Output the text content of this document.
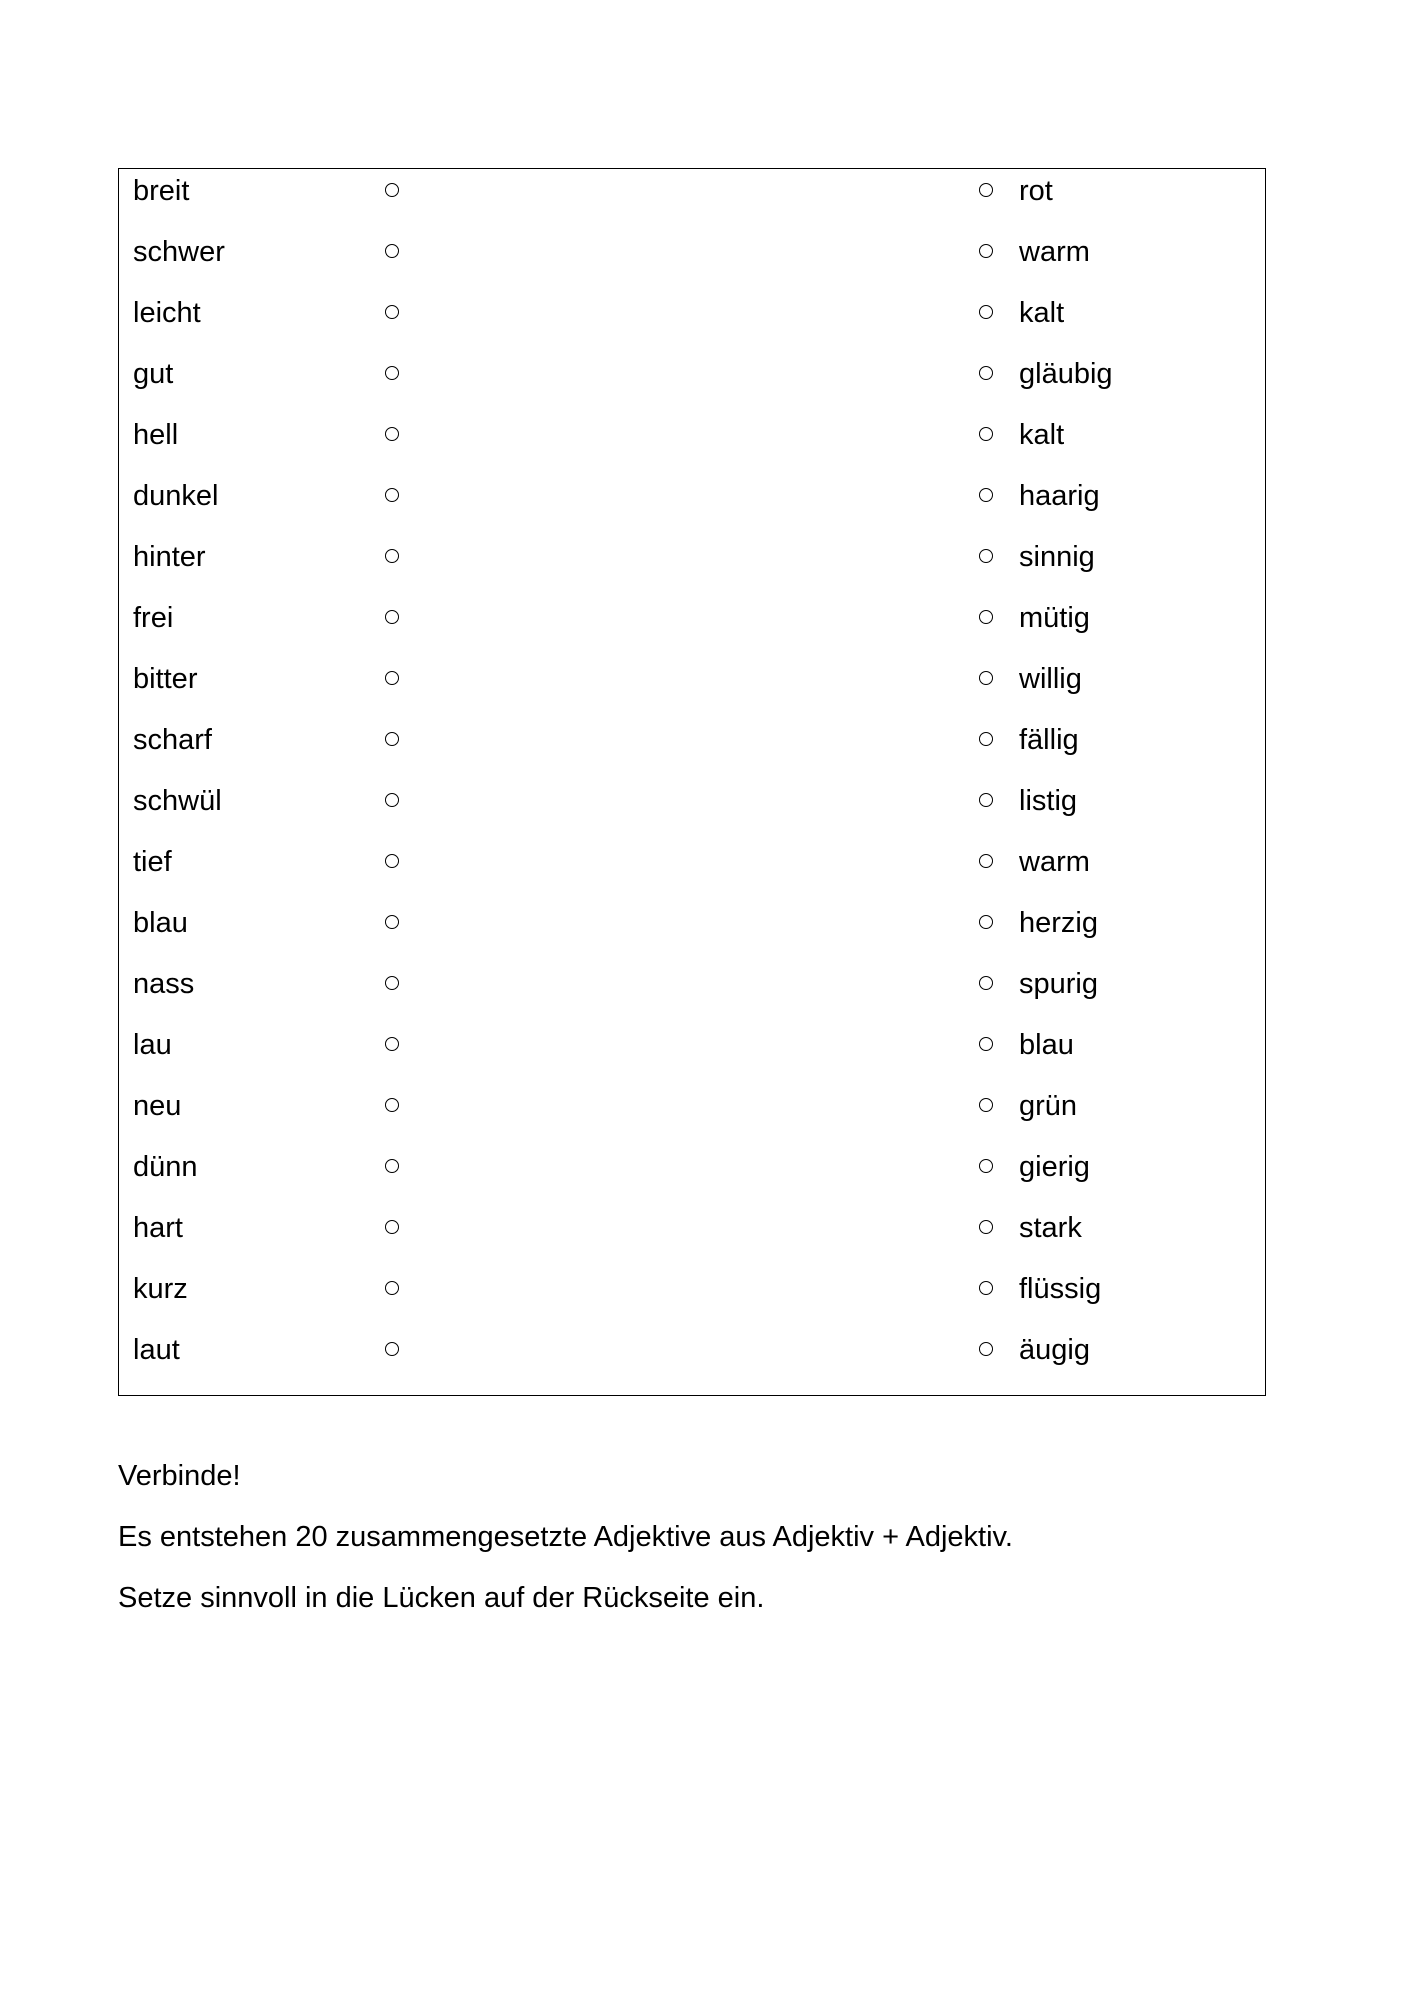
breit	rot
schwer	warm
leicht	kalt
gut	gläubig
hell	kalt
dunkel	haarig
hinter	sinnig
frei	mütig
bitter	willig
scharf	fällig
schwül	listig
tief	warm
blau	herzig
nass	spurig
lau	blau
neu	grün
dünn	gierig
hart	stark
kurz	flüssig
laut	äugig

Verbinde!

Es entstehen 20 zusammengesetzte Adjektive aus Adjektiv + Adjektiv.

Setze sinnvoll in die Lücken auf der Rückseite ein.
